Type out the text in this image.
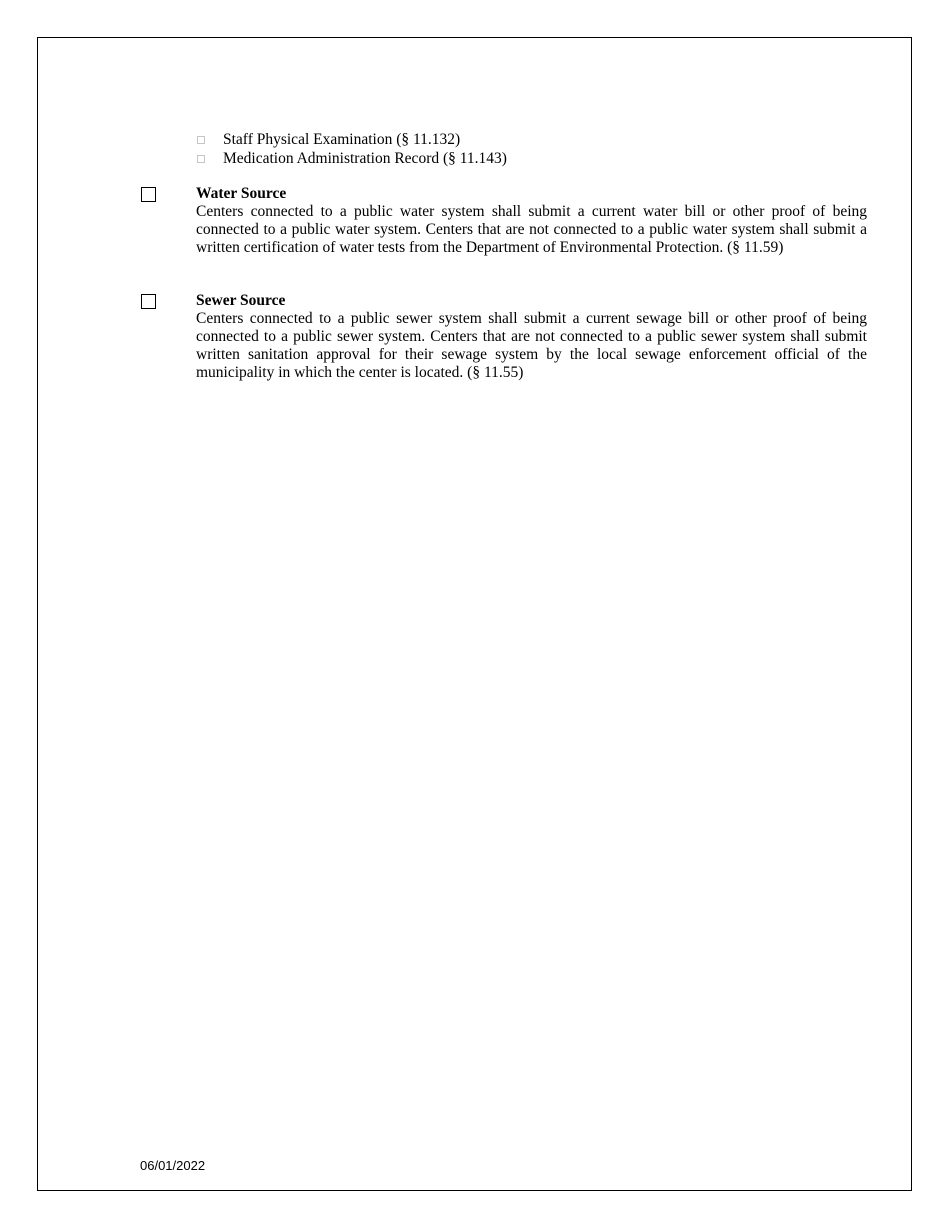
Staff Physical Examination (§ 11.132)
Medication Administration Record (§ 11.143)
Water Source
Centers connected to a public water system shall submit a current water bill or other proof of being connected to a public water system. Centers that are not connected to a public water system shall submit a written certification of water tests from the Department of Environmental Protection. (§ 11.59)
Sewer Source
Centers connected to a public sewer system shall submit a current sewage bill or other proof of being connected to a public sewer system. Centers that are not connected to a public sewer system shall submit written sanitation approval for their sewage system by the local sewage enforcement official of the municipality in which the center is located. (§ 11.55)
06/01/2022
